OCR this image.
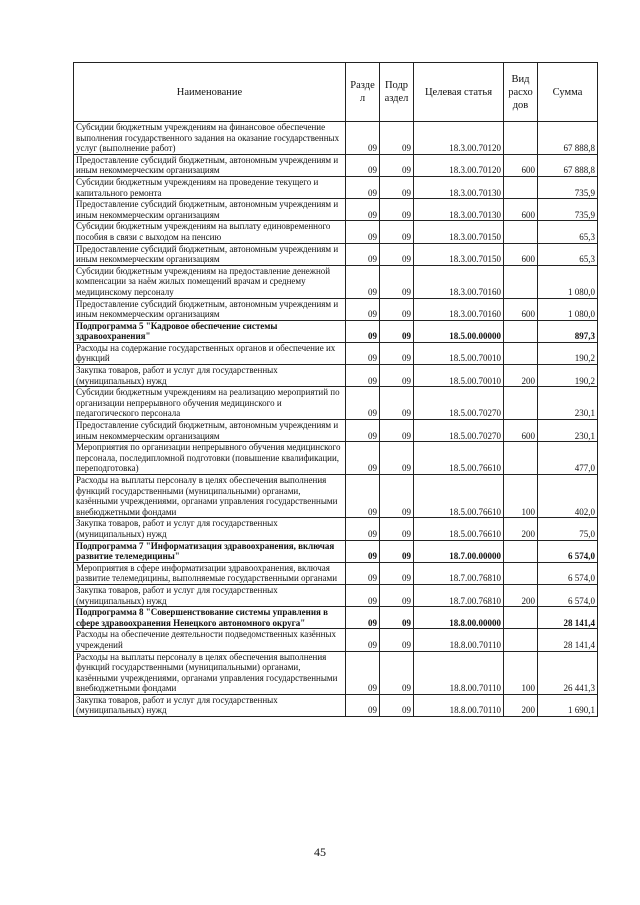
Наименование	Разде л	Подр аздел	Целевая статья	Вид расхо дов	Сумма
Субсидии бюджетным учреждениям на финансовое обеспечение выполнения государственного задания на оказание государственных услуг (выполнение работ)	09	09	18.3.00.70120		67 888,8
Предоставление субсидий бюджетным, автономным учреждениям и иным некоммерческим организациям	09	09	18.3.00.70120	600	67 888,8
Субсидии бюджетным учреждениям на проведение текущего и капитального ремонта	09	09	18.3.00.70130		735,9
Предоставление субсидий бюджетным, автономным учреждениям и иным некоммерческим организациям	09	09	18.3.00.70130	600	735,9
Субсидии бюджетным учреждениям на выплату единовременного пособия в связи с выходом на пенсию	09	09	18.3.00.70150		65,3
Предоставление субсидий бюджетным, автономным учреждениям и иным некоммерческим организациям	09	09	18.3.00.70150	600	65,3
Субсидии бюджетным учреждениям на предоставление денежной компенсации за наём жилых помещений врачам и среднему медицинскому персоналу	09	09	18.3.00.70160		1 080,0
Предоставление субсидий бюджетным, автономным учреждениям и иным некоммерческим организациям	09	09	18.3.00.70160	600	1 080,0
Подпрограмма 5 "Кадровое обеспечение системы здравоохранения"	09	09	18.5.00.00000		897,3
Расходы на содержание государственных органов и обеспечение их функций	09	09	18.5.00.70010		190,2
Закупка товаров, работ и услуг для государственных (муниципальных) нужд	09	09	18.5.00.70010	200	190,2
Субсидии бюджетным учреждениям на реализацию мероприятий по организации непрерывного обучения медицинского и педагогического персонала	09	09	18.5.00.70270		230,1
Предоставление субсидий бюджетным, автономным учреждениям и иным некоммерческим организациям	09	09	18.5.00.70270	600	230,1
Мероприятия по организации непрерывного обучения медицинского персонала, последипломной подготовки (повышение квалификации, переподготовка)	09	09	18.5.00.76610		477,0
Расходы на выплаты персоналу в целях обеспечения выполнения функций государственными (муниципальными) органами, казёнными учреждениями, органами управления государственными внебюджетными фондами	09	09	18.5.00.76610	100	402,0
Закупка товаров, работ и услуг для государственных (муниципальных) нужд	09	09	18.5.00.76610	200	75,0
Подпрограмма 7 "Информатизация здравоохранения, включая развитие телемедицины"	09	09	18.7.00.00000		6 574,0
Мероприятия в сфере информатизации здравоохранения, включая развитие телемедицины, выполняемые государственными органами	09	09	18.7.00.76810		6 574,0
Закупка товаров, работ и услуг для государственных (муниципальных) нужд	09	09	18.7.00.76810	200	6 574,0
Подпрограмма 8 "Совершенствование системы управления в сфере здравоохранения Ненецкого автономного округа"	09	09	18.8.00.00000		28 141,4
Расходы на обеспечение деятельности подведомственных казённых учреждений	09	09	18.8.00.70110		28 141,4
Расходы на выплаты персоналу в целях обеспечения выполнения функций государственными (муниципальными) органами, казёнными учреждениями, органами управления государственными внебюджетными фондами	09	09	18.8.00.70110	100	26 441,3
Закупка товаров, работ и услуг для государственных (муниципальных) нужд	09	09	18.8.00.70110	200	1 690,1
45
